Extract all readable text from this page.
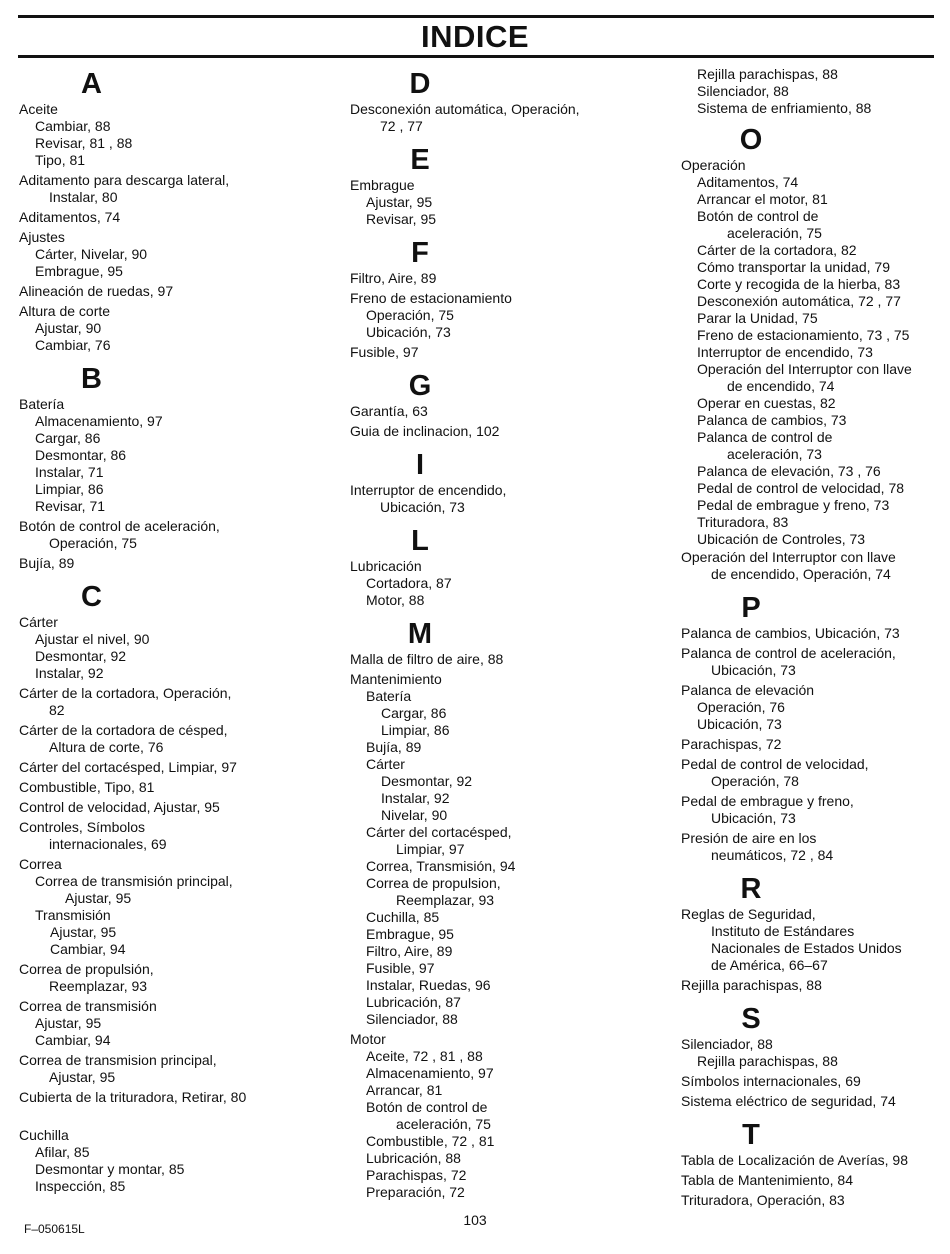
INDICE
A
Aceite
Cambiar, 88
Revisar, 81 , 88
Tipo, 81
Aditamento para descarga lateral,
Instalar, 80
Aditamentos, 74
Ajustes
Cárter, Nivelar, 90
Embrague, 95
Alineación de ruedas, 97
Altura de corte
Ajustar, 90
Cambiar, 76
B
Batería
Almacenamiento, 97
Cargar, 86
Desmontar, 86
Instalar, 71
Limpiar, 86
Revisar, 71
Botón de control de aceleración,
Operación, 75
Bujía, 89
C
Cárter
Ajustar el nivel, 90
Desmontar, 92
Instalar, 92
Cárter de la cortadora, Operación,
82
Cárter de la cortadora de césped,
Altura de corte, 76
Cárter del cortacésped, Limpiar, 97
Combustible, Tipo, 81
Control de velocidad, Ajustar, 95
Controles, Símbolos
internacionales, 69
Correa
Correa de transmisión principal,
Ajustar, 95
Transmisión
Ajustar, 95
Cambiar, 94
Correa de propulsión,
Reemplazar, 93
Correa de transmisión
Ajustar, 95
Cambiar, 94
Correa de transmision principal,
Ajustar, 95
Cubierta de la trituradora, Retirar, 80
Cuchilla
Afilar, 85
Desmontar y montar, 85
Inspección, 85
D
Desconexión automática, Operación,
72 , 77
E
Embrague
Ajustar, 95
Revisar, 95
F
Filtro, Aire, 89
Freno de estacionamiento
Operación, 75
Ubicación, 73
Fusible, 97
G
Garantía, 63
Guia de inclinacion, 102
I
Interruptor de encendido,
Ubicación, 73
L
Lubricación
Cortadora, 87
Motor, 88
M
Malla de filtro de aire, 88
Mantenimiento
Batería
Cargar, 86
Limpiar, 86
Bujía, 89
Cárter
Desmontar, 92
Instalar, 92
Nivelar, 90
Cárter del cortacésped,
Limpiar, 97
Correa, Transmisión, 94
Correa de propulsion,
Reemplazar, 93
Cuchilla, 85
Embrague, 95
Filtro, Aire, 89
Fusible, 97
Instalar, Ruedas, 96
Lubricación, 87
Silenciador, 88
Motor
Aceite, 72 , 81 , 88
Almacenamiento, 97
Arrancar, 81
Botón de control de
aceleración, 75
Combustible, 72 , 81
Lubricación, 88
Parachispas, 72
Preparación, 72
Rejilla parachispas, 88
Silenciador, 88
Sistema de enfriamiento, 88
O
Operación
Aditamentos, 74
Arrancar el motor, 81
Botón de control de
aceleración, 75
Cárter de la cortadora, 82
Cómo transportar la unidad, 79
Corte y recogida de la hierba, 83
Desconexión automática, 72 , 77
Parar la Unidad, 75
Freno de estacionamiento, 73 , 75
Interruptor de encendido, 73
Operación del Interruptor con llave
de encendido, 74
Operar en cuestas, 82
Palanca de cambios, 73
Palanca de control de
aceleración, 73
Palanca de elevación, 73 , 76
Pedal de control de velocidad, 78
Pedal de embrague y freno, 73
Trituradora, 83
Ubicación de Controles, 73
Operación del Interruptor con llave
de encendido, Operación, 74
P
Palanca de cambios, Ubicación, 73
Palanca de control de aceleración,
Ubicación, 73
Palanca de elevación
Operación, 76
Ubicación, 73
Parachispas, 72
Pedal de control de velocidad,
Operación, 78
Pedal de embrague y freno,
Ubicación, 73
Presión de aire en los
neumáticos, 72 , 84
R
Reglas de Seguridad,
Instituto de Estándares
Nacionales de Estados Unidos
de América, 66–67
Rejilla parachispas, 88
S
Silenciador, 88
Rejilla parachispas, 88
Símbolos internacionales, 69
Sistema eléctrico de seguridad, 74
T
Tabla de Localización de Averías, 98
Tabla de Mantenimiento, 84
Trituradora, Operación, 83
103
F–050615L
